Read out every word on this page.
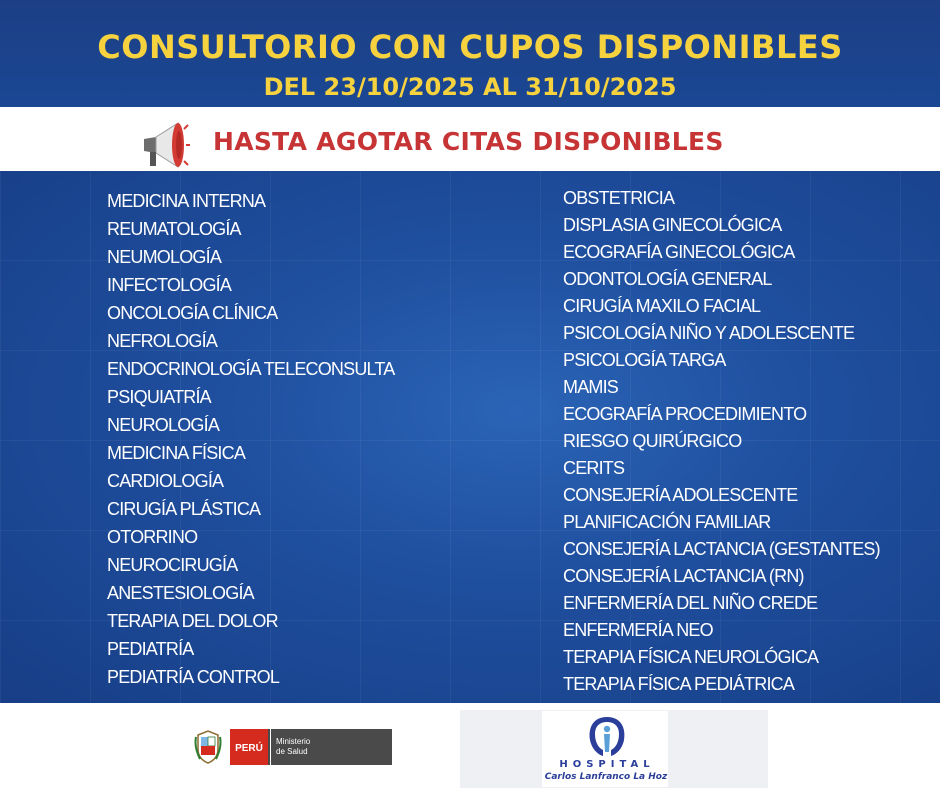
CONSULTORIO CON CUPOS DISPONIBLES
DEL 23/10/2025 AL 31/10/2025
HASTA AGOTAR CITAS DISPONIBLES
MEDICINA INTERNA
REUMATOLOGÍA
NEUMOLOGÍA
INFECTOLOGÍA
ONCOLOGÍA CLÍNICA
NEFROLOGÍA
ENDOCRINOLOGÍA TELECONSULTA
PSIQUIATRÍA
NEUROLOGÍA
MEDICINA FÍSICA
CARDIOLOGÍA
CIRUGÍA PLÁSTICA
OTORRINO
NEUROCIRUGÍA
ANESTESIOLOGÍA
TERAPIA DEL DOLOR
PEDIATRÍA
PEDIATRÍA CONTROL
OBSTETRICIA
DISPLASIA GINECOLÓGICA
ECOGRAFÍA GINECOLÓGICA
ODONTOLOGÍA GENERAL
CIRUGÍA MAXILO FACIAL
PSICOLOGÍA NIÑO Y ADOLESCENTE
PSICOLOGÍA TARGA
MAMIS
ECOGRAFÍA PROCEDIMIENTO
RIESGO QUIRÚRGICO
CERITS
CONSEJERÍA ADOLESCENTE
PLANIFICACIÓN FAMILIAR
CONSEJERÍA LACTANCIA (GESTANTES)
CONSEJERÍA LACTANCIA (RN)
ENFERMERÍA DEL NIÑO CREDE
ENFERMERÍA NEO
TERAPIA FÍSICA NEUROLÓGICA
TERAPIA FÍSICA PEDIÁTRICA
PERÚ
Ministerio
de Salud
HOSPITAL
Carlos Lanfranco La Hoz
